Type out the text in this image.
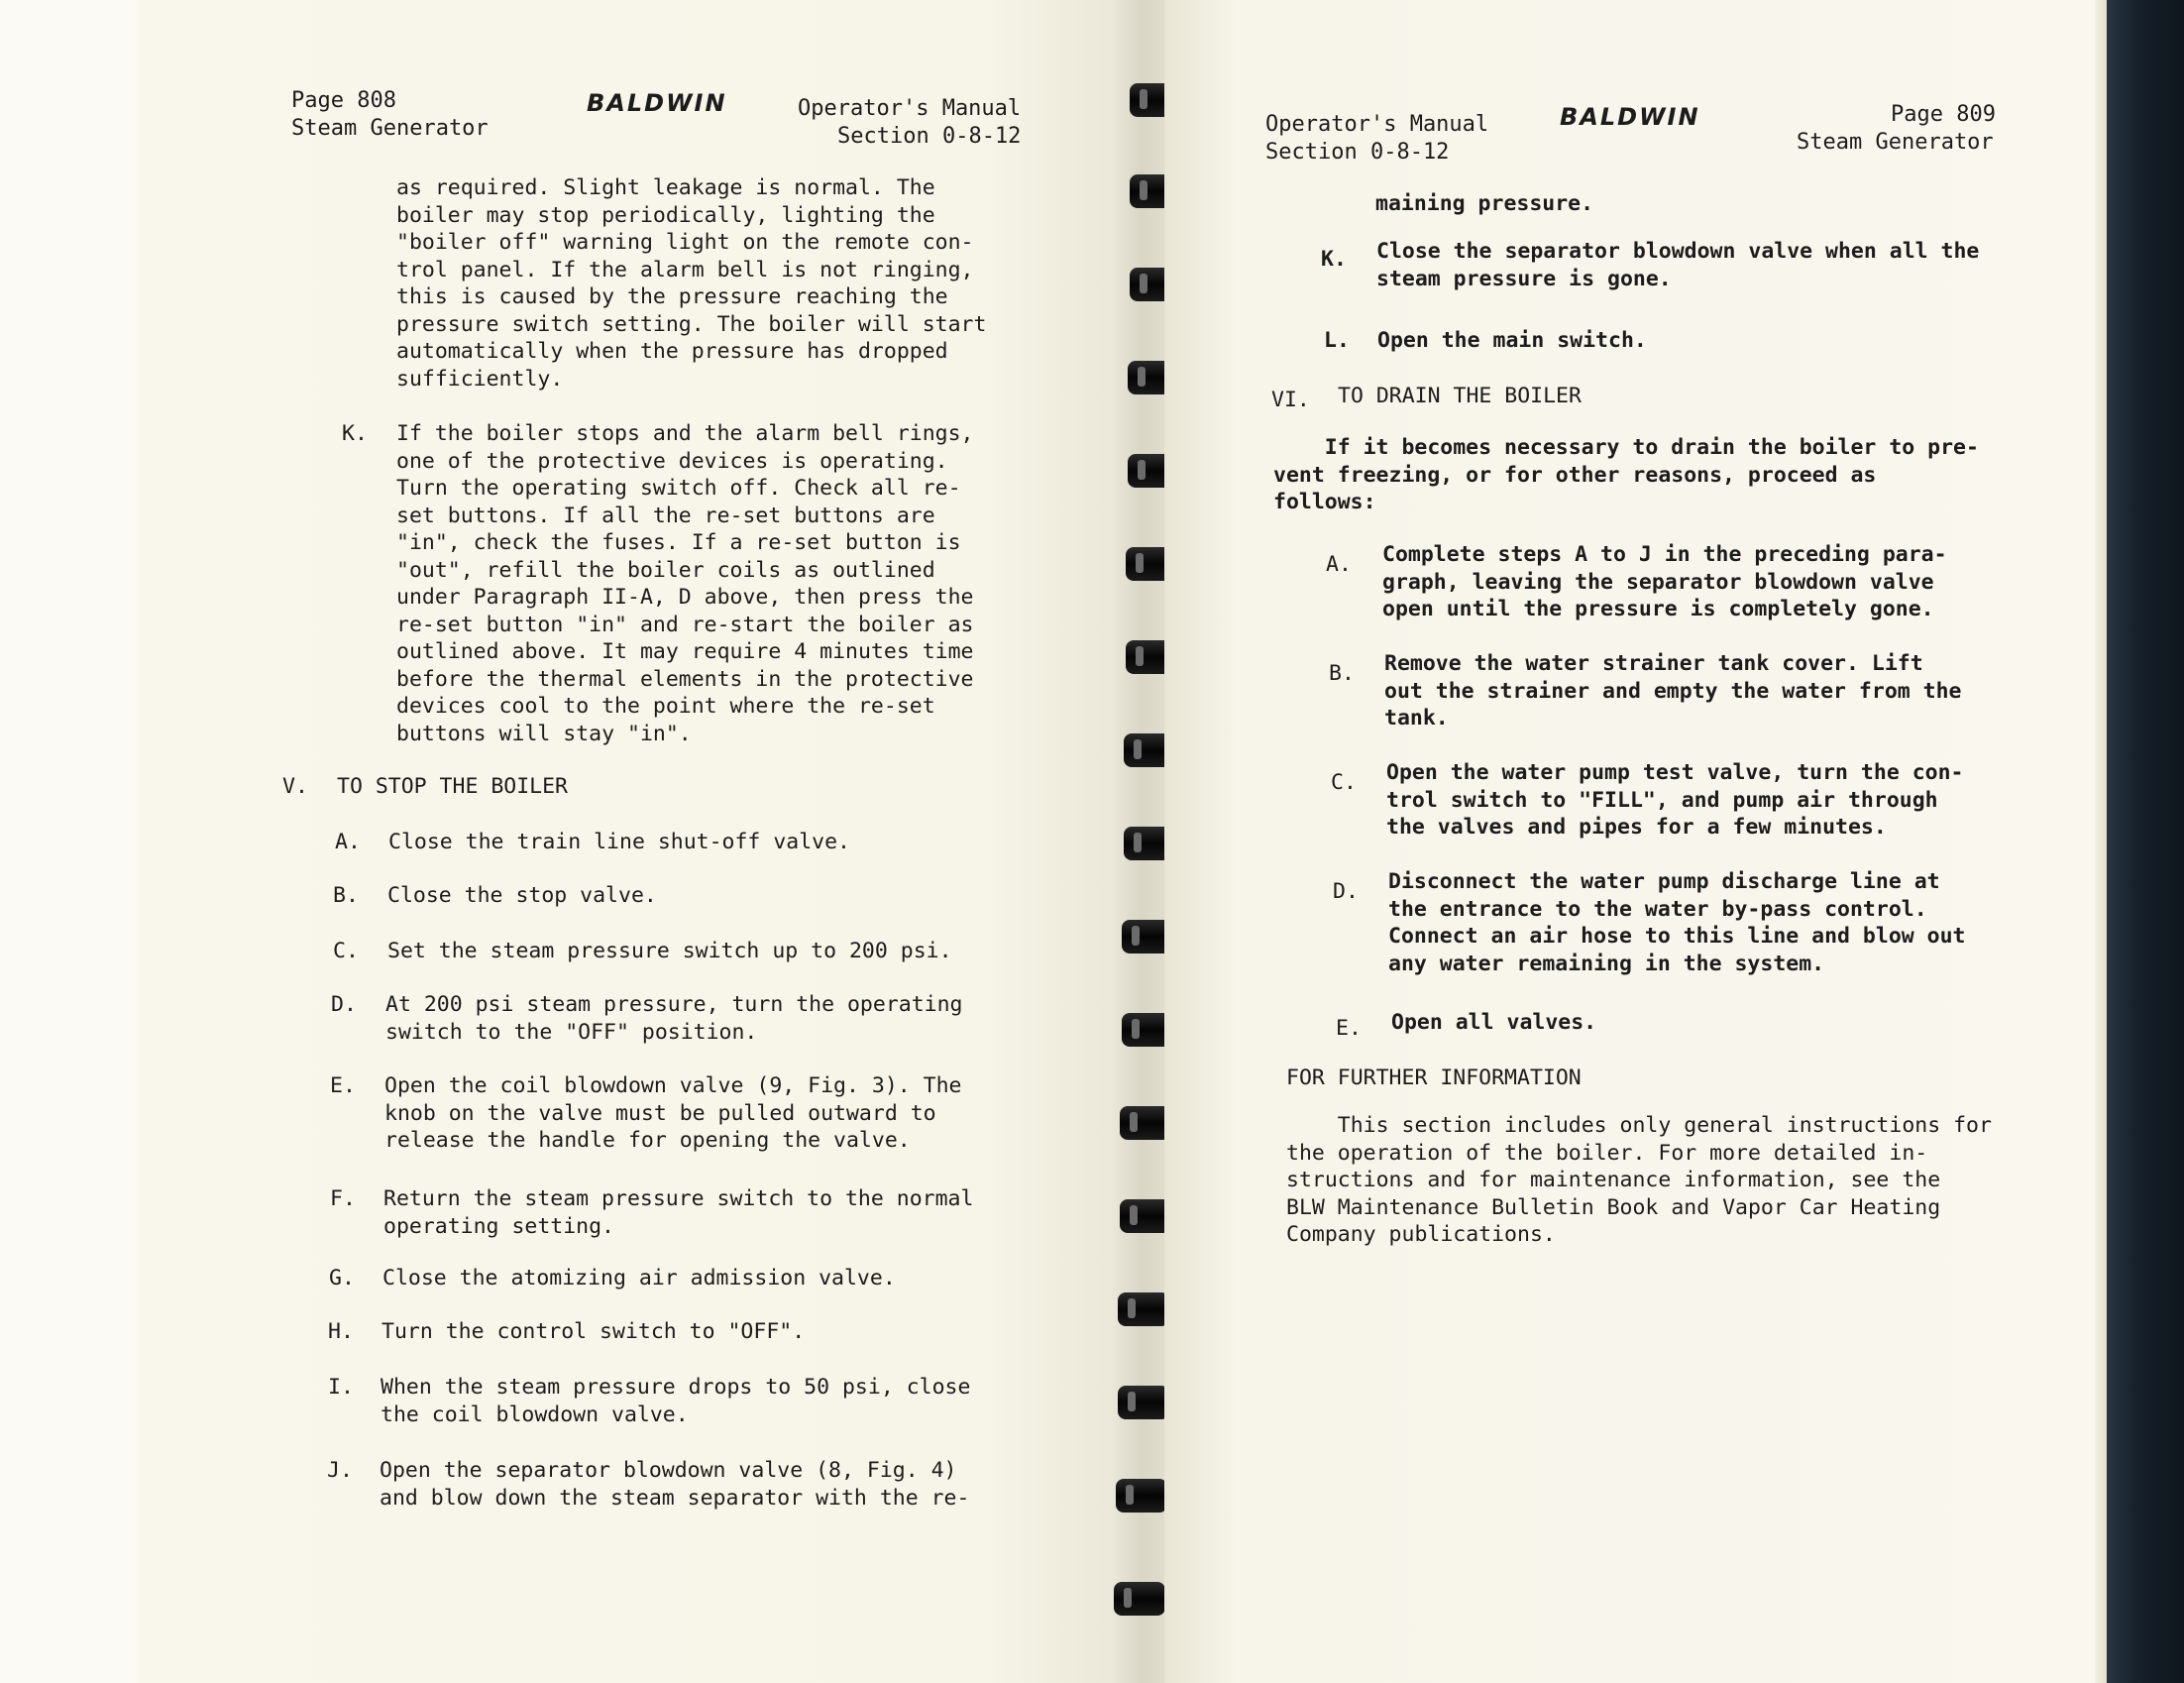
Page 808
Steam Generator
BALDWIN	Operator's Manual
Section 0-8-12
as required. Slight leakage is normal. The
boiler may stop periodically, lighting the
"boiler off" warning light on the remote con-
trol panel. If the alarm bell is not ringing,
this is caused by the pressure reaching the
pressure switch setting. The boiler will start
automatically when the pressure has dropped
sufficiently.
K. If the boiler stops and the alarm bell rings,
one of the protective devices is operating.
Turn the operating switch off. Check all re-
set buttons. If all the re-set buttons are
"in", check the fuses. If a re-set button is
"out", refill the boiler coils as outlined
under Paragraph II-A, D above, then press the
re-set button "in" and re-start the boiler as
outlined above. It may require 4 minutes time
before the thermal elements in the protective
devices cool to the point where the re-set
buttons will stay "in".
V. TO STOP THE BOILER
A. Close the train line shut-off valve.
B. Close the stop valve.
C. Set the steam pressure switch up to 200 psi.
D. At 200 psi steam pressure, turn the operating
switch to the "OFF" position.
E. Open the coil blowdown valve (9, Fig. 3). The
knob on the valve must be pulled outward to
release the handle for opening the valve.
F. Return the steam pressure switch to the normal
operating setting.
G. Close the atomizing air admission valve.
H. Turn the control switch to "OFF".
I. When the steam pressure drops to 50 psi, close
the coil blowdown valve.
J. Open the separator blowdown valve (8, Fig. 4)
and blow down the steam separator with the re-
Operator's Manual
Section 0-8-12
BALDWIN	Page 809
Steam Generator
maining pressure.
K. Close the separator blowdown valve when all the
steam pressure is gone.
L. Open the main switch.
VI. TO DRAIN THE BOILER
If it becomes necessary to drain the boiler to pre-
vent freezing, or for other reasons, proceed as
follows:
A. Complete steps A to J in the preceding para-
graph, leaving the separator blowdown valve
open until the pressure is completely gone.
B. Remove the water strainer tank cover. Lift
out the strainer and empty the water from the
tank.
C. Open the water pump test valve, turn the con-
trol switch to "FILL", and pump air through
the valves and pipes for a few minutes.
D. Disconnect the water pump discharge line at
the entrance to the water by-pass control.
Connect an air hose to this line and blow out
any water remaining in the system.
E. Open all valves.
FOR FURTHER INFORMATION
This section includes only general instructions for
the operation of the boiler. For more detailed in-
structions and for maintenance information, see the
BLW Maintenance Bulletin Book and Vapor Car Heating
Company publications.
